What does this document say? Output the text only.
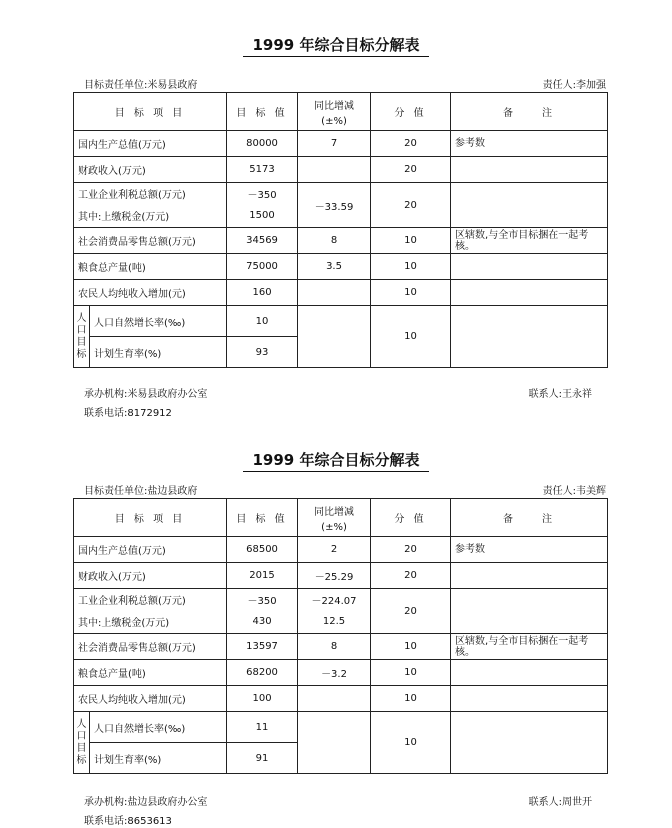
1999 年综合目标分解表
目标责任单位:米易县政府	责任人:李加强
承办机构:米易县政府办公室
联系电话:8172912
联系人:王永祥
目 标 项 目		目 标 值	同比增减
(±%)	分 值	备　　注
国内生产总值(万元)		80000	7	20	参考数
财政收入(万元)		5173		20	
工业企业利税总额(万元)		－350	－33.59	20	
其中:上缴税金(万元)		1500			
社会消费品零售总额(万元)		34569	8	10	区辖数,与全市目标捆在一起考核。
粮食总产量(吨)		75000	3.5	10	
农民人均纯收入增加(元)		160		10	
人口目标	人口自然增长率(‰)	10		10	
	计划生育率(%)	93			
1999 年综合目标分解表
目标责任单位:盐边县政府	责任人:韦美辉
承办机构:盐边县政府办公室
联系电话:8653613
联系人:周世开
目 标 项 目		目 标 值	同比增减
(±%)	分 值	备　　注
国内生产总值(万元)		68500	2	20	参考数
财政收入(万元)		2015	－25.29	20	
工业企业利税总额(万元)		－350	－224.07	20	
其中:上缴税金(万元)		430	12.5		
社会消费品零售总额(万元)		13597	8	10	区辖数,与全市目标捆在一起考核。
粮食总产量(吨)		68200	－3.2	10	
农民人均纯收入增加(元)		100		10	
人口目标	人口自然增长率(‰)	11		10	
	计划生育率(%)	91			
